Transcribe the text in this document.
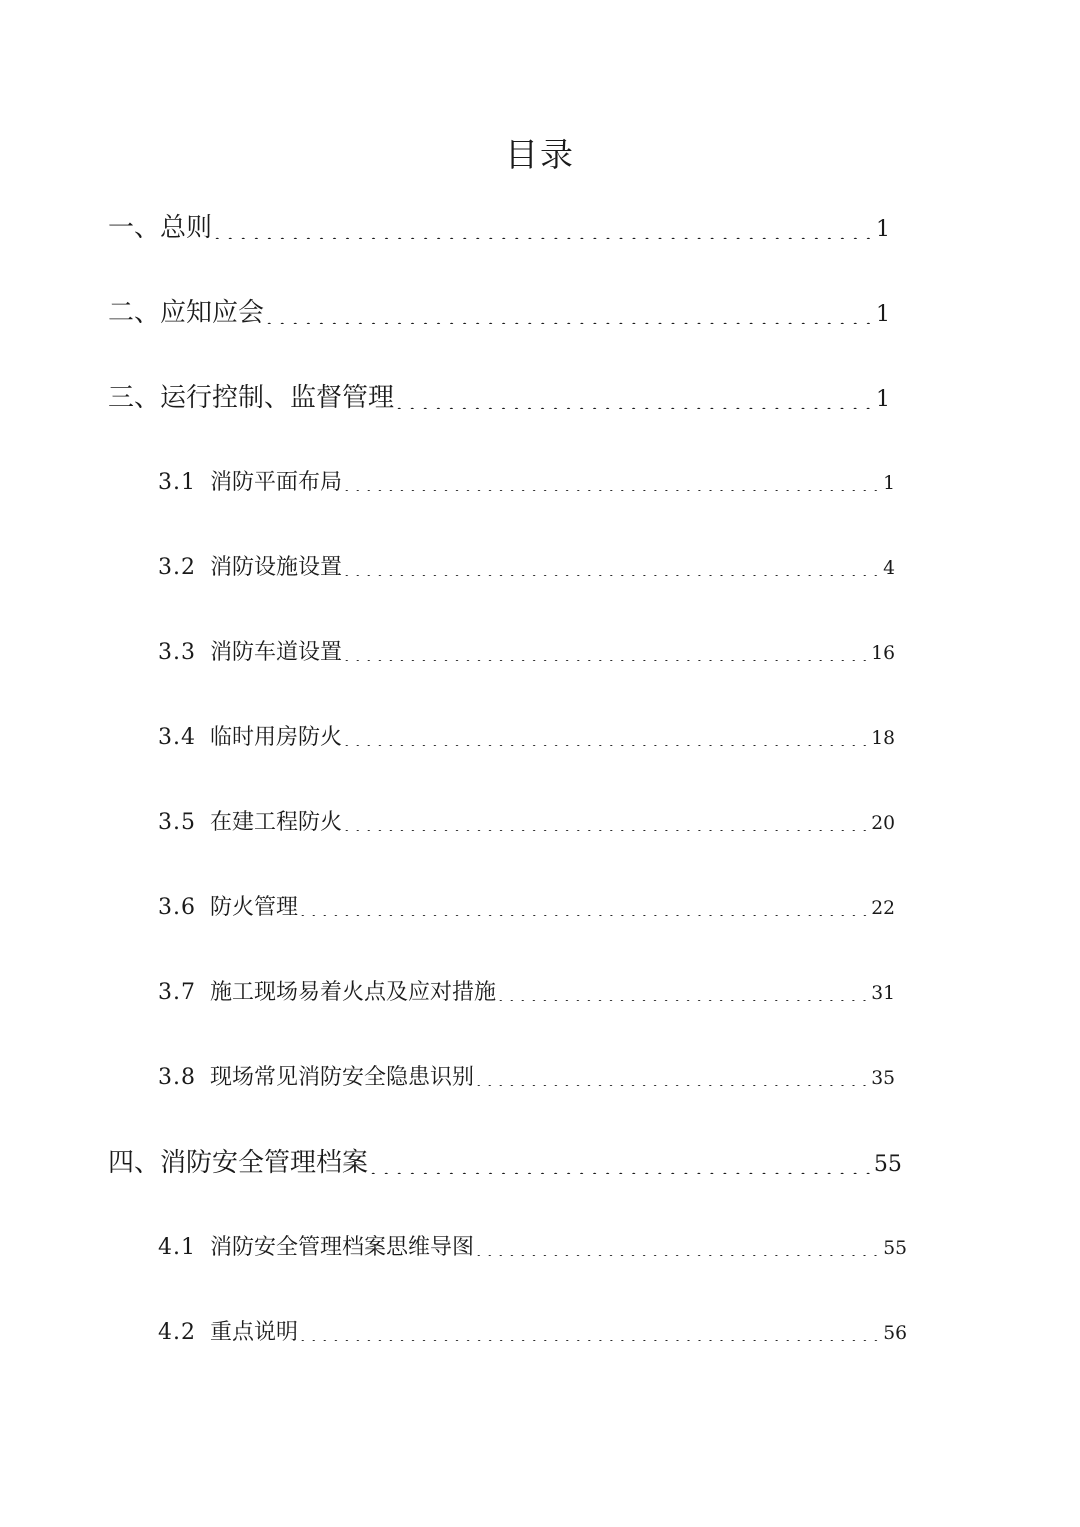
目录
一、总则 . . .	1
二、应知应会 . . .	1
三、运行控制、监督管理 . . .	1
3.1 消防平面布局 . . .	1
3.2 消防设施设置 . . .	4
3.3 消防车道设置 . . .	16
3.4 临时用房防火 . . .	18
3.5 在建工程防火 . . .	20
3.6 防火管理 . . .	22
3.7 施工现场易着火点及应对措施 . . .	31
3.8 现场常见消防安全隐患识别 . . .	35
四、消防安全管理档案 . . .	55
4.1 消防安全管理档案思维导图 . . .	55
4.2 重点说明 . . .	56
